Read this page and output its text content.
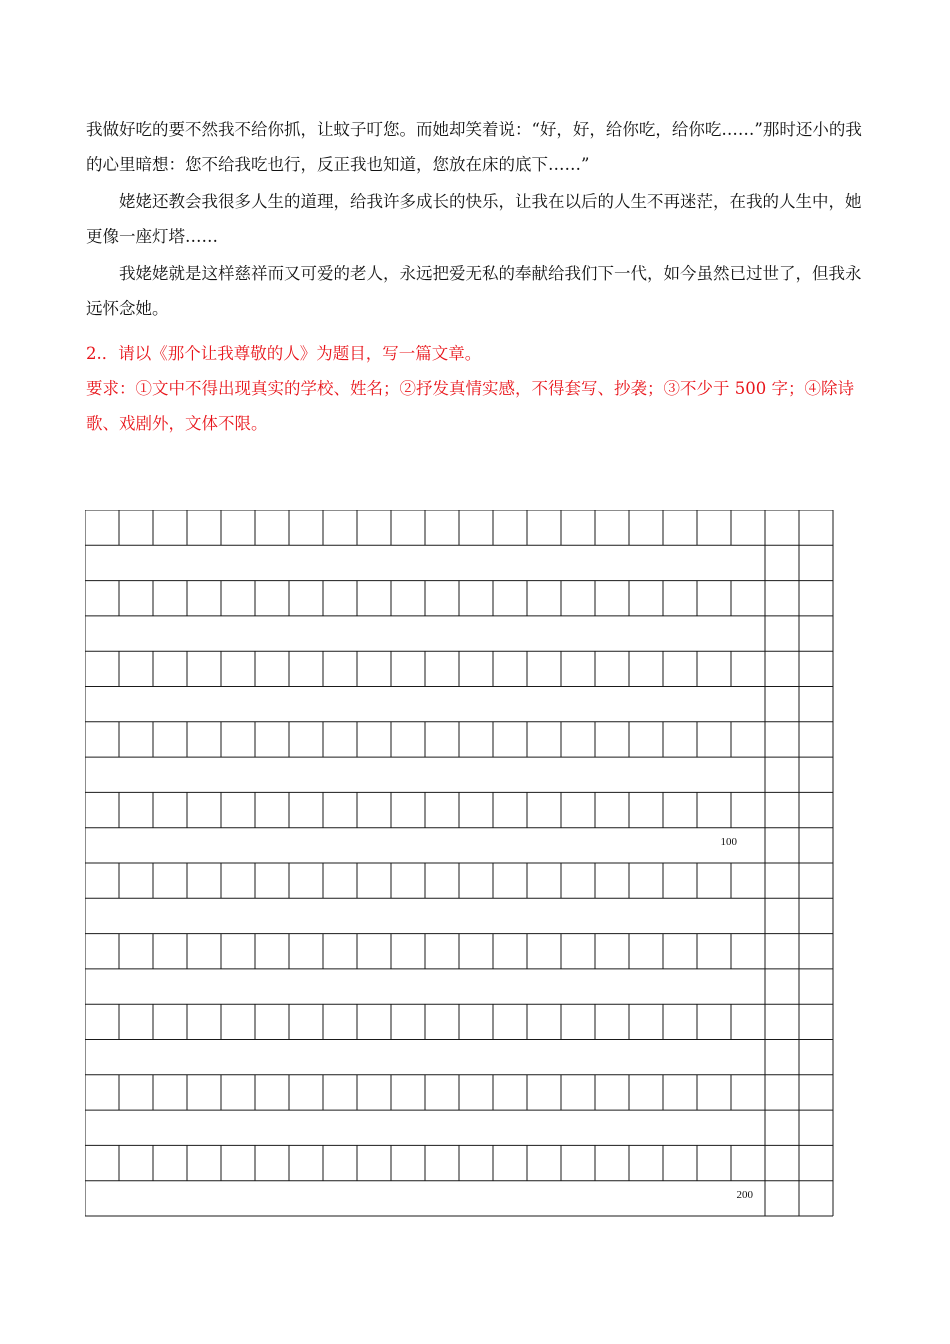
我做好吃的要不然我不给你抓，让蚊子叮您。而她却笑着说：“好，好，给你吃，给你吃……”那时还小的我的心里暗想：您不给我吃也行，反正我也知道，您放在床的底下……”

姥姥还教会我很多人生的道理，给我许多成长的快乐，让我在以后的人生不再迷茫，在我的人生中，她更像一座灯塔……

我姥姥就是这样慈祥而又可爱的老人，永远把爱无私的奉献给我们下一代，如今虽然已过世了，但我永远怀念她。

2.．请以《那个让我尊敬的人》为题目，写一篇文章。

要求：①文中不得出现真实的学校、姓名；②抒发真情实感，不得套写、抄袭；③不少于 500 字；④除诗歌、戏剧外，文体不限。

100
200
